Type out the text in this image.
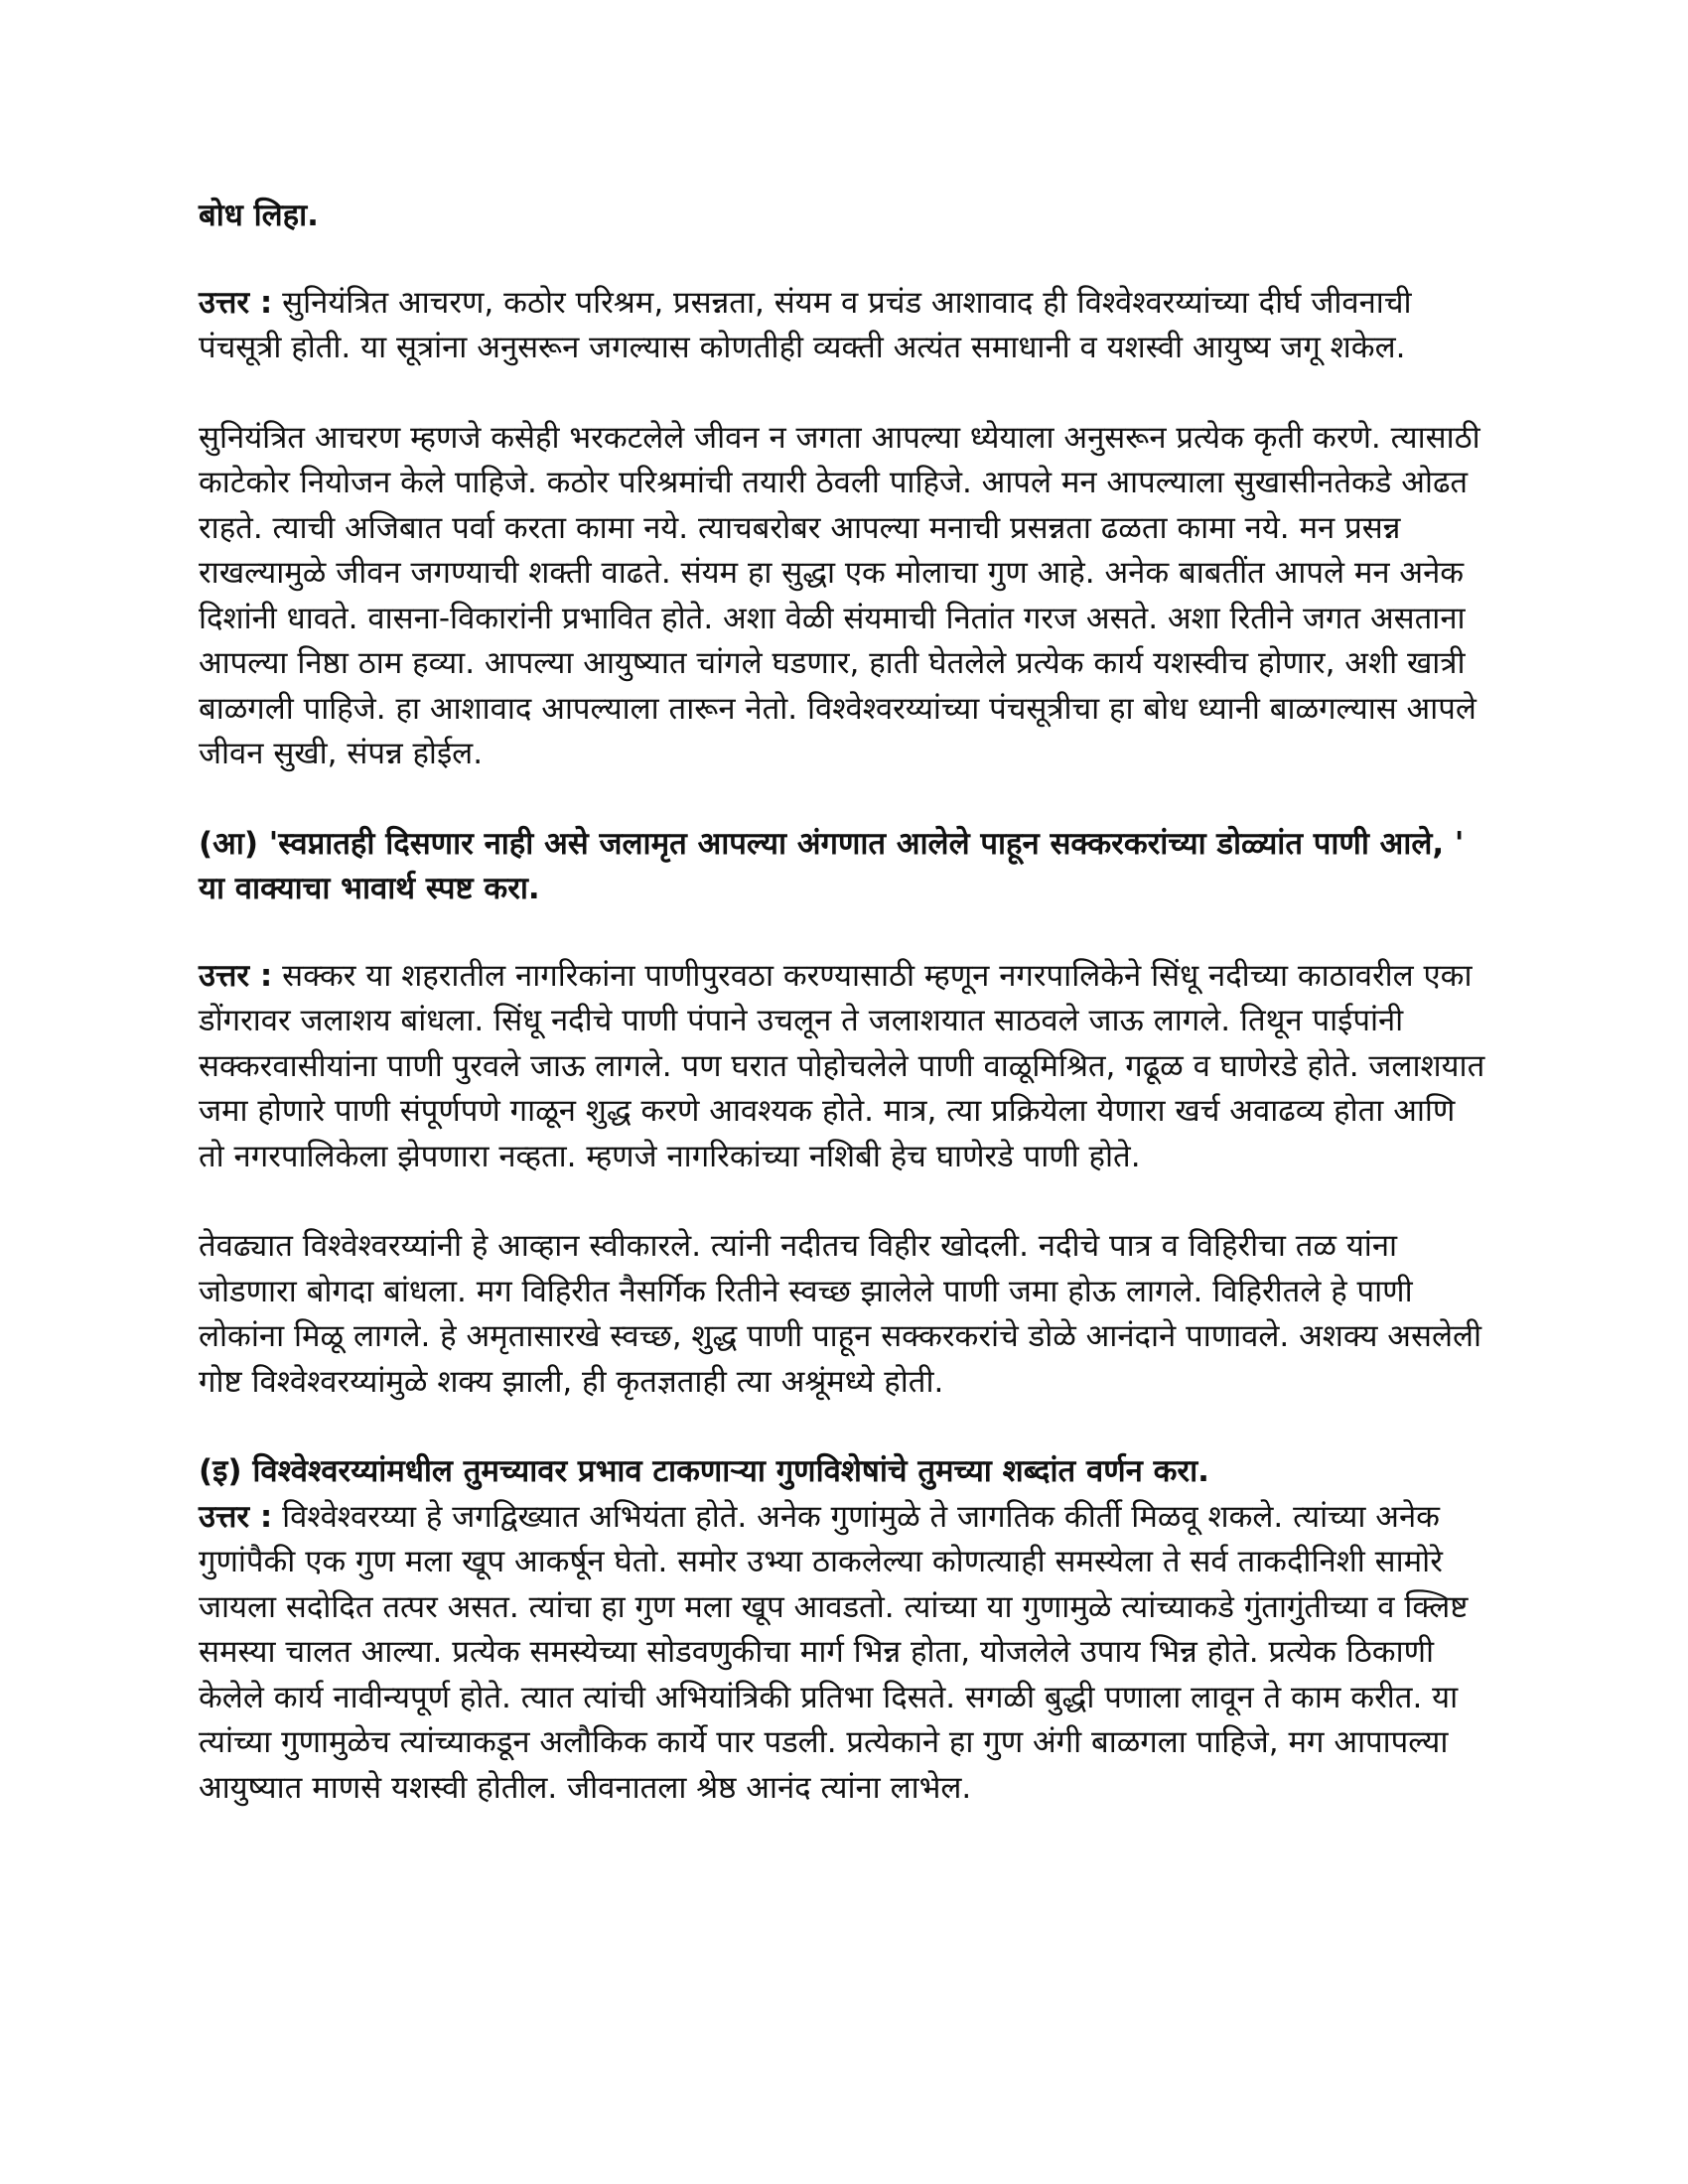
बोध लिहा.

उत्तर : सुनियंत्रित आचरण, कठोर परिश्रम, प्रसन्नता, संयम व प्रचंड आशावाद ही विश्वेश्वरय्यांच्या दीर्घ जीवनाची पंचसूत्री होती. या सूत्रांना अनुसरून जगल्यास कोणतीही व्यक्ती अत्यंत समाधानी व यशस्वी आयुष्य जगू शकेल.

सुनियंत्रित आचरण म्हणजे कसेही भरकटलेले जीवन न जगता आपल्या ध्येयाला अनुसरून प्रत्येक कृती करणे. त्यासाठी काटेकोर नियोजन केले पाहिजे. कठोर परिश्रमांची तयारी ठेवली पाहिजे. आपले मन आपल्याला सुखासीनतेकडे ओढत राहते. त्याची अजिबात पर्वा करता कामा नये. त्याचबरोबर आपल्या मनाची प्रसन्नता ढळता कामा नये. मन प्रसन्न राखल्यामुळे जीवन जगण्याची शक्ती वाढते. संयम हा सुद्धा एक मोलाचा गुण आहे. अनेक बाबतींत आपले मन अनेक दिशांनी धावते. वासना-विकारांनी प्रभावित होते. अशा वेळी संयमाची नितांत गरज असते. अशा रितीने जगत असताना आपल्या निष्ठा ठाम हव्या. आपल्या आयुष्यात चांगले घडणार, हाती घेतलेले प्रत्येक कार्य यशस्वीच होणार, अशी खात्री बाळगली पाहिजे. हा आशावाद आपल्याला तारून नेतो. विश्वेश्वरय्यांच्या पंचसूत्रीचा हा बोध ध्यानी बाळगल्यास आपले जीवन सुखी, संपन्न होईल.

(आ) 'स्वप्नातही दिसणार नाही असे जलामृत आपल्या अंगणात आलेले पाहून सक्करकरांच्या डोळ्यांत पाणी आले, ' या वाक्याचा भावार्थ स्पष्ट करा.

उत्तर : सक्कर या शहरातील नागरिकांना पाणीपुरवठा करण्यासाठी म्हणून नगरपालिकेने सिंधू नदीच्या काठावरील एका डोंगरावर जलाशय बांधला. सिंधू नदीचे पाणी पंपाने उचलून ते जलाशयात साठवले जाऊ लागले. तिथून पाईपांनी सक्करवासीयांना पाणी पुरवले जाऊ लागले. पण घरात पोहोचलेले पाणी वाळूमिश्रित, गढूळ व घाणेरडे होते. जलाशयात जमा होणारे पाणी संपूर्णपणे गाळून शुद्ध करणे आवश्यक होते. मात्र, त्या प्रक्रियेला येणारा खर्च अवाढव्य होता आणि तो नगरपालिकेला झेपणारा नव्हता. म्हणजे नागरिकांच्या नशिबी हेच घाणेरडे पाणी होते.

तेवढ्यात विश्वेश्वरय्यांनी हे आव्हान स्वीकारले. त्यांनी नदीतच विहीर खोदली. नदीचे पात्र व विहिरीचा तळ यांना जोडणारा बोगदा बांधला. मग विहिरीत नैसर्गिक रितीने स्वच्छ झालेले पाणी जमा होऊ लागले. विहिरीतले हे पाणी लोकांना मिळू लागले. हे अमृतासारखे स्वच्छ, शुद्ध पाणी पाहून सक्करकरांचे डोळे आनंदाने पाणावले. अशक्य असलेली गोष्ट विश्वेश्वरय्यांमुळे शक्य झाली, ही कृतज्ञताही त्या अश्रूंमध्ये होती.

(इ) विश्वेश्वरय्यांमधील तुमच्यावर प्रभाव टाकणाऱ्या गुणविशेषांचे तुमच्या शब्दांत वर्णन करा.

उत्तर : विश्वेश्वरय्या हे जगद्विख्यात अभियंता होते. अनेक गुणांमुळे ते जागतिक कीर्ती मिळवू शकले. त्यांच्या अनेक गुणांपैकी एक गुण मला खूप आकर्षून घेतो. समोर उभ्या ठाकलेल्या कोणत्याही समस्येला ते सर्व ताकदीनिशी सामोरे जायला सदोदित तत्पर असत. त्यांचा हा गुण मला खूप आवडतो. त्यांच्या या गुणामुळे त्यांच्याकडे गुंतागुंतीच्या व क्लिष्ट समस्या चालत आल्या. प्रत्येक समस्येच्या सोडवणुकीचा मार्ग भिन्न होता, योजलेले उपाय भिन्न होते. प्रत्येक ठिकाणी केलेले कार्य नावीन्यपूर्ण होते. त्यात त्यांची अभियांत्रिकी प्रतिभा दिसते. सगळी बुद्धी पणाला लावून ते काम करीत. या त्यांच्या गुणामुळेच त्यांच्याकडून अलौकिक कार्ये पार पडली. प्रत्येकाने हा गुण अंगी बाळगला पाहिजे, मग आपापल्या आयुष्यात माणसे यशस्वी होतील. जीवनातला श्रेष्ठ आनंद त्यांना लाभेल.
